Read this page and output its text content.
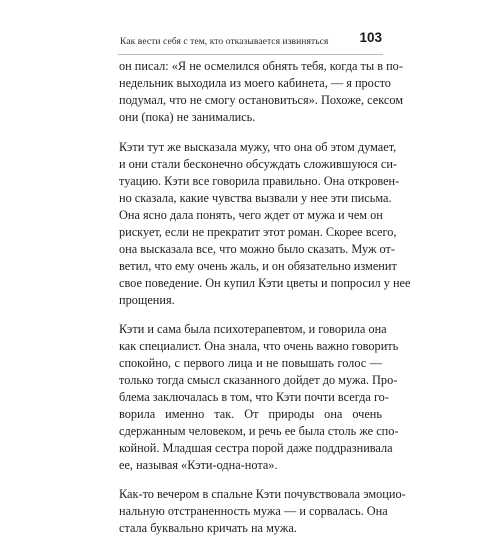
Как вести себя с тем, кто отказывается извиняться 103

он писал: «Я не осмелился обнять тебя, когда ты в по-
недельник выходила из моего кабинета, — я просто
подумал, что не смогу остановиться». Похоже, сексом
они (пока) не занимались.

Кэти тут же высказала мужу, что она об этом думает,
и они стали бесконечно обсуждать сложившуюся си-
туацию. Кэти все говорила правильно. Она откровен-
но сказала, какие чувства вызвали у нее эти письма.
Она ясно дала понять, чего ждет от мужа и чем он
рискует, если не прекратит этот роман. Скорее всего,
она высказала все, что можно было сказать. Муж от-
ветил, что ему очень жаль, и он обязательно изменит
свое поведение. Он купил Кэти цветы и попросил у нее
прощения.

Кэти и сама была психотерапевтом, и говорила она
как специалист. Она знала, что очень важно говорить
спокойно, с первого лица и не повышать голос —
только тогда смысл сказанного дойдет до мужа. Про-
блема заключалась в том, что Кэти почти всегда го-
ворила именно так. От природы она очень
сдержанным человеком, и речь ее была столь же спо-
койной. Младшая сестра порой даже поддразнивала
ее, называя «Кэти-одна-нота».

Как-то вечером в спальне Кэти почувствовала эмоцио-
нальную отстраненность мужа — и сорвалась. Она
стала буквально кричать на мужа.
